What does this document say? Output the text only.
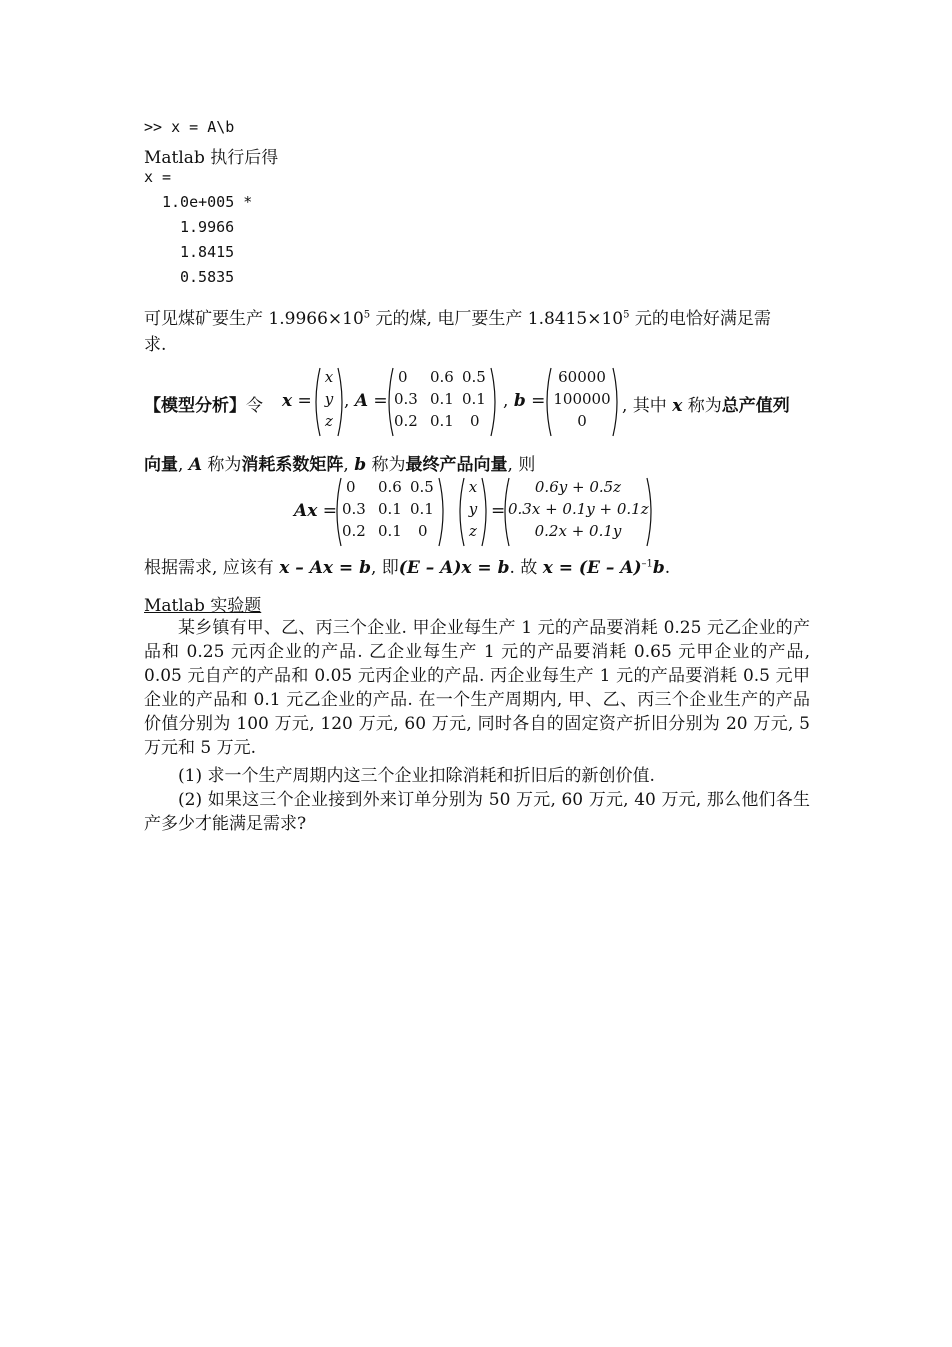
>> x = A\b
Matlab 执行后得
x =
1.0e+005 *
1.9966
1.8415
0.5835
可见煤矿要生产 $1.9966\times 10^5$ 元的煤, 电厂要生产 $1.8415\times 10^5$ 元的电恰好满足需
求.
【模型分析】令 x =
x
y
z
, A =
0 0.6 0.5
0.3 0.1 0.1
0.2 0.1 0
, b =
60000
100000
0
, 其中 x 称为总产值列
向量, A 称为消耗系数矩阵, b 称为最终产品向量, 则
Ax =
0 0.6 0.5
0.3 0.1 0.1
0.2 0.1 0
x
y
z
=
0.6y + 0.5z
0.3x + 0.1y + 0.1z
0.2x + 0.1y
根据需求, 应该有 x – Ax = b, 即(E – A)x = b. 故 x = (E – A)$^{-1}$b.
Matlab 实验题
某乡镇有甲、乙、丙三个企业. 甲企业每生产 1 元的产品要消耗 0.25 元乙企业的产品和 0.25 元丙企业的产品. 乙企业每生产 1 元的产品要消耗 0.65 元甲企业的产品, 0.05 元自产的产品和 0.05 元丙企业的产品. 丙企业每生产 1 元的产品要消耗 0.5 元甲企业的产品和 0.1 元乙企业的产品. 在一个生产周期内, 甲、乙、丙三个企业生产的产品价值分别为 100 万元, 120 万元, 60 万元, 同时各自的固定资产折旧分别为 20 万元, 5 万元和 5 万元.
(1) 求一个生产周期内这三个企业扣除消耗和折旧后的新创价值.
(2) 如果这三个企业接到外来订单分别为 50 万元, 60 万元, 40 万元, 那么他们各生产多少才能满足需求?
